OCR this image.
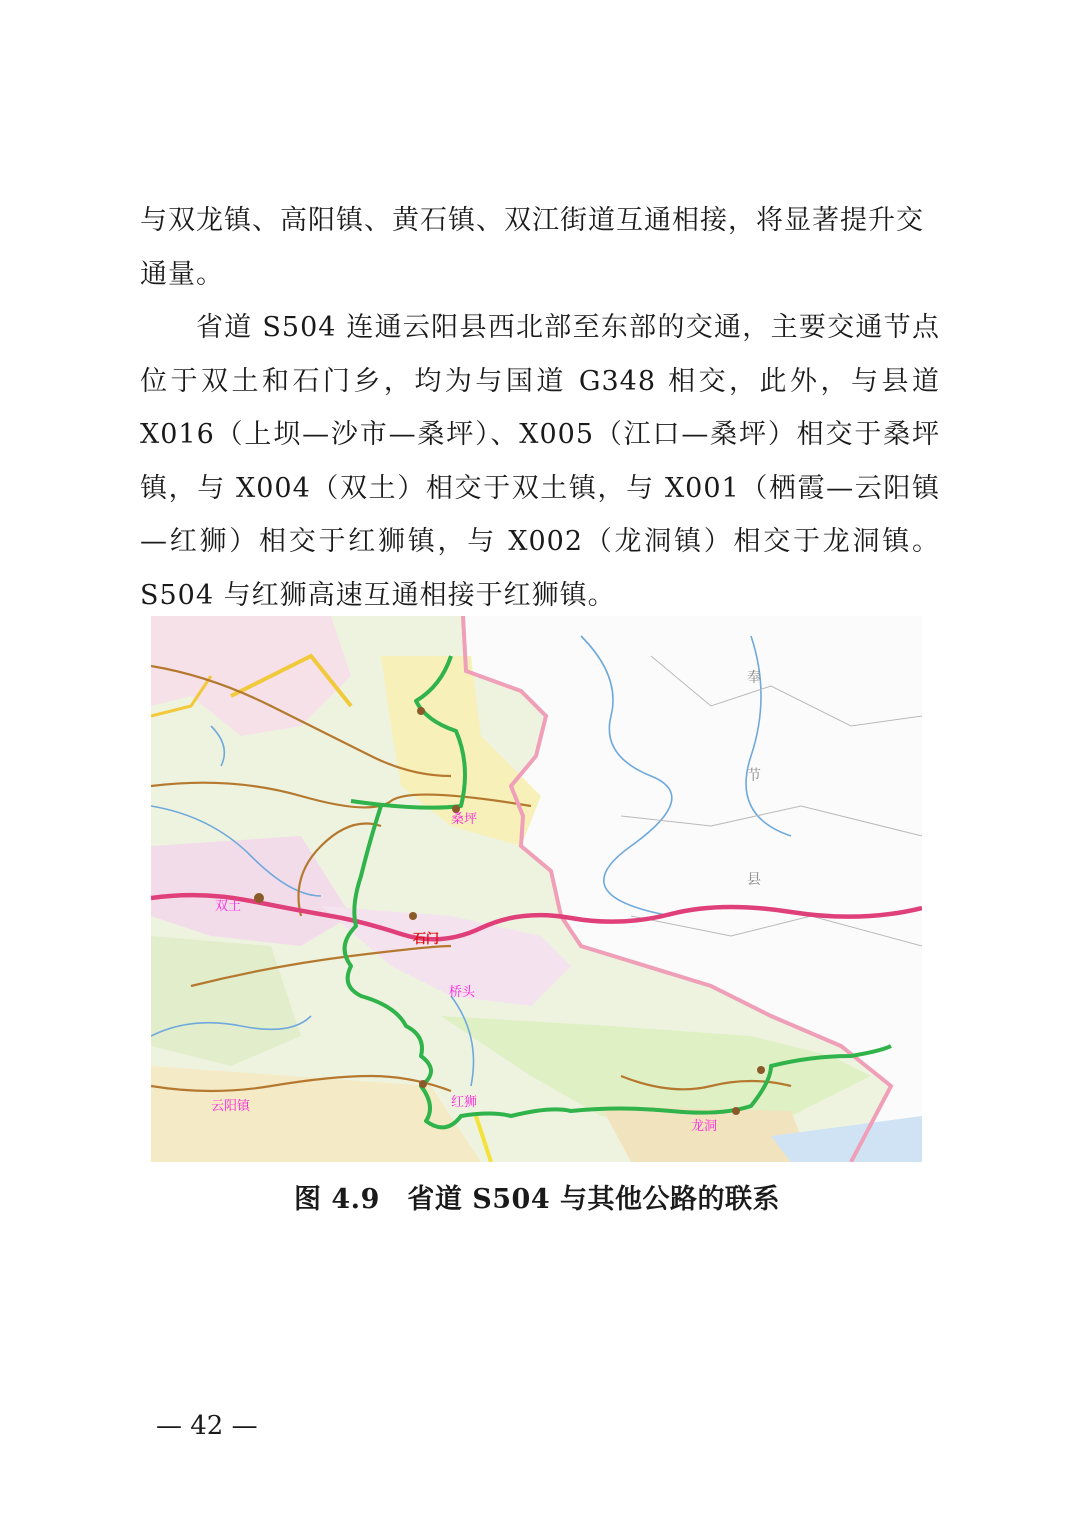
与双龙镇、高阳镇、黄石镇、双江街道互通相接，将显著提升交通量。

省道 S504 连通云阳县西北部至东部的交通，主要交通节点位于双土和石门乡，均为与国道 G348 相交，此外，与县道 X016（上坝—沙市—桑坪）、X005（江口—桑坪）相交于桑坪镇，与 X004（双土）相交于双土镇，与 X001（栖霞—云阳镇—红狮）相交于红狮镇，与 X002（龙洞镇）相交于龙洞镇。S504 与红狮高速互通相接于红狮镇。

奉
节
县
桑坪
双土
石门
桥头
云阳镇	红狮
龙洞
图 4.9　省道 S504 与其他公路的联系
— 42 —
